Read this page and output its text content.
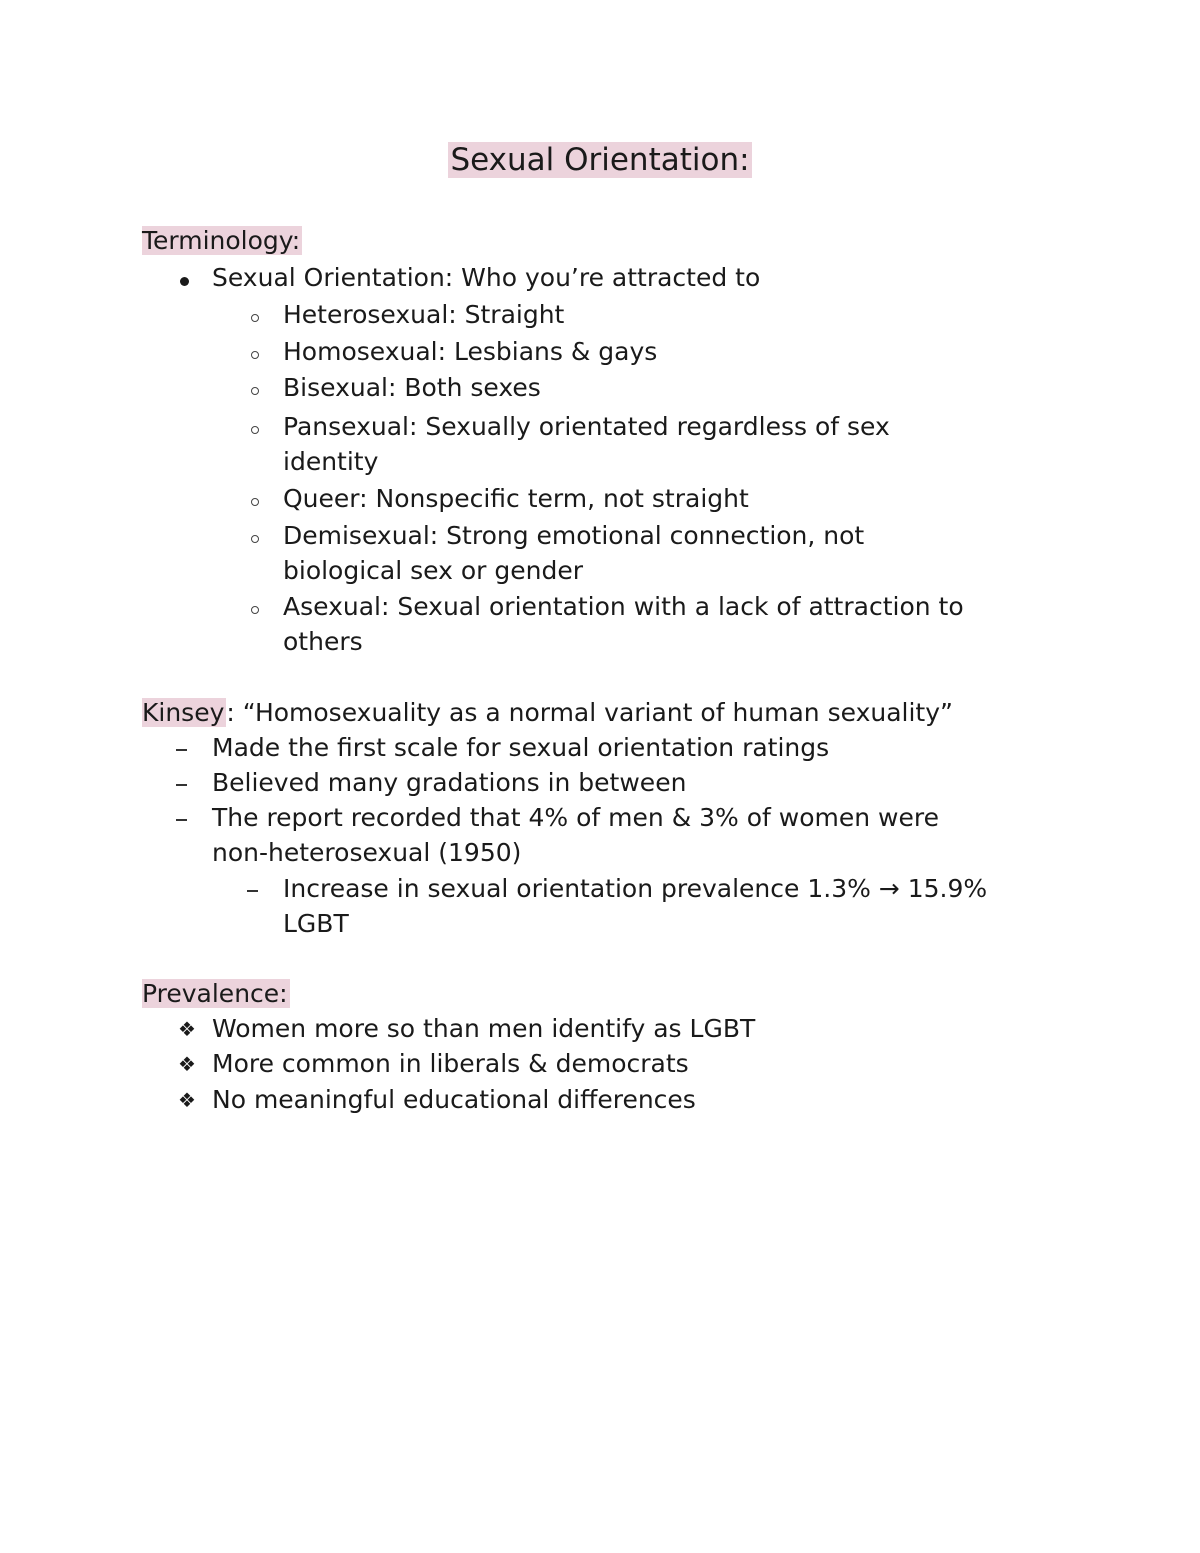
Sexual Orientation:
Terminology:
Sexual Orientation: Who you’re attracted to
Heterosexual: Straight
Homosexual: Lesbians & gays
Bisexual: Both sexes
Pansexual: Sexually orientated regardless of sex
identity
Queer: Nonspecific term, not straight
Demisexual: Strong emotional connection, not
biological sex or gender
Asexual: Sexual orientation with a lack of attraction to
others
Kinsey: “Homosexuality as a normal variant of human sexuality”
Made the first scale for sexual orientation ratings
Believed many gradations in between
The report recorded that 4% of men & 3% of women were
non-heterosexual (1950)
Increase in sexual orientation prevalence 1.3% → 15.9%
LGBT
Prevalence:
❖ Women more so than men identify as LGBT
❖ More common in liberals & democrats
❖ No meaningful educational differences
